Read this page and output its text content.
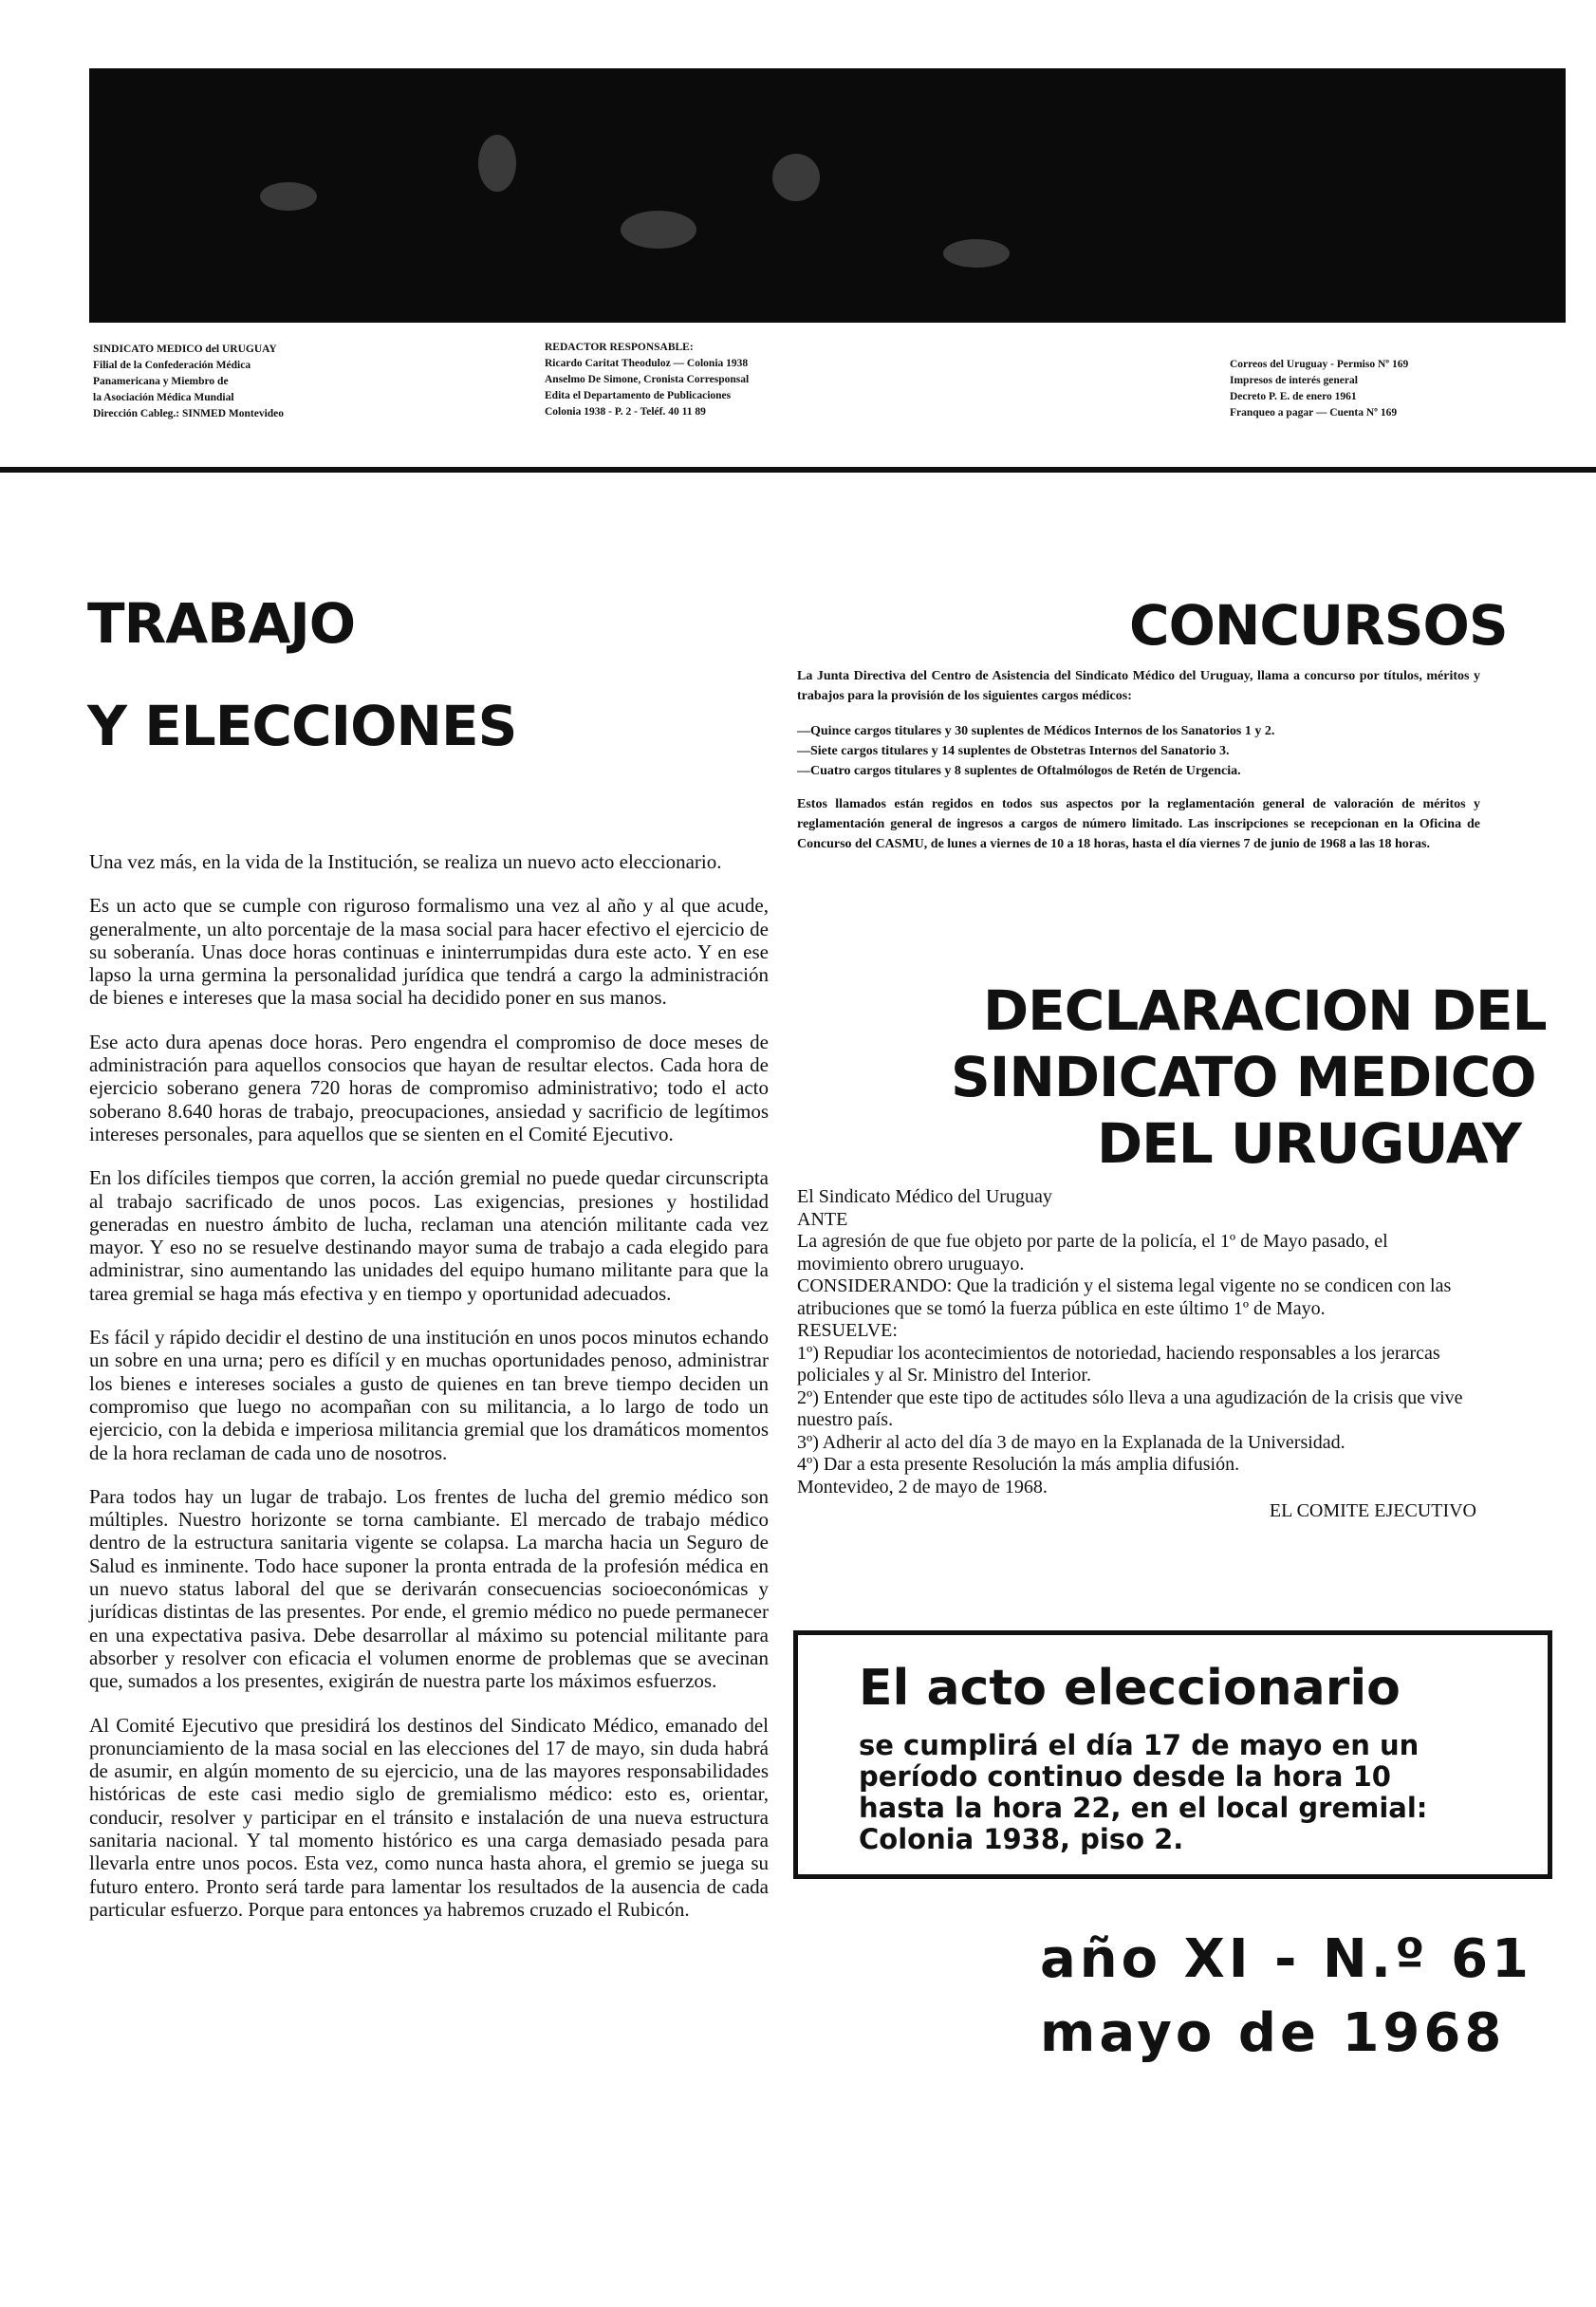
SINDICATO MEDICO del URUGUAY
Filial de la Confederación Médica
Panamericana y Miembro de
la Asociación Médica Mundial
Dirección Cableg.: SINMED Montevideo
REDACTOR RESPONSABLE:
Ricardo Caritat Theoduloz — Colonia 1938
Anselmo De Simone, Cronista Corresponsal
Edita el Departamento de Publicaciones
Colonia 1938 - P. 2 - Teléf. 40 11 89
Correos del Uruguay - Permiso Nº 169
Impresos de interés general
Decreto P. E. de enero 1961
Franqueo a pagar — Cuenta Nº 169
TRABAJO
Y ELECCIONES

Una vez más, en la vida de la Institución, se realiza un nuevo acto eleccionario.

Es un acto que se cumple con riguroso formalismo una vez al año y al que acude, generalmente, un alto porcentaje de la masa social para hacer efectivo el ejercicio de su soberanía. Unas doce horas continuas e ininterrumpidas dura este acto. Y en ese lapso la urna germina la personalidad jurídica que tendrá a cargo la administración de bienes e intereses que la masa social ha decidido poner en sus manos.

Ese acto dura apenas doce horas. Pero engendra el compromiso de doce meses de administración para aquellos consocios que hayan de resultar electos. Cada hora de ejercicio soberano genera 720 horas de compromiso administrativo; todo el acto soberano 8.640 horas de trabajo, preocupaciones, ansiedad y sacrificio de legítimos intereses personales, para aquellos que se sienten en el Comité Ejecutivo.

En los difíciles tiempos que corren, la acción gremial no puede quedar circunscripta al trabajo sacrificado de unos pocos. Las exigencias, presiones y hostilidad generadas en nuestro ámbito de lucha, reclaman una atención militante cada vez mayor. Y eso no se resuelve destinando mayor suma de trabajo a cada elegido para administrar, sino aumentando las unidades del equipo humano militante para que la tarea gremial se haga más efectiva y en tiempo y oportunidad adecuados.

Es fácil y rápido decidir el destino de una institución en unos pocos minutos echando un sobre en una urna; pero es difícil y en muchas oportunidades penoso, administrar los bienes e intereses sociales a gusto de quienes en tan breve tiempo deciden un compromiso que luego no acompañan con su militancia, a lo largo de todo un ejercicio, con la debida e imperiosa militancia gremial que los dramáticos momentos de la hora reclaman de cada uno de nosotros.

Para todos hay un lugar de trabajo. Los frentes de lucha del gremio médico son múltiples. Nuestro horizonte se torna cambiante. El mercado de trabajo médico dentro de la estructura sanitaria vigente se colapsa. La marcha hacia un Seguro de Salud es inminente. Todo hace suponer la pronta entrada de la profesión médica en un nuevo status laboral del que se derivarán consecuencias socioeconómicas y jurídicas distintas de las presentes. Por ende, el gremio médico no puede permanecer en una expectativa pasiva. Debe desarrollar al máximo su potencial militante para absorber y resolver con eficacia el volumen enorme de problemas que se avecinan que, sumados a los presentes, exigirán de nuestra parte los máximos esfuerzos.

Al Comité Ejecutivo que presidirá los destinos del Sindicato Médico, emanado del pronunciamiento de la masa social en las elecciones del 17 de mayo, sin duda habrá de asumir, en algún momento de su ejercicio, una de las mayores responsabilidades históricas de este casi medio siglo de gremialismo médico: esto es, orientar, conducir, resolver y participar en el tránsito e instalación de una nueva estructura sanitaria nacional. Y tal momento histórico es una carga demasiado pesada para llevarla entre unos pocos. Esta vez, como nunca hasta ahora, el gremio se juega su futuro entero. Pronto será tarde para lamentar los resultados de la ausencia de cada particular esfuerzo. Porque para entonces ya habremos cruzado el Rubicón.

CONCURSOS

La Junta Directiva del Centro de Asistencia del Sindicato Médico del Uruguay, llama a concurso por títulos, méritos y trabajos para la provisión de los siguientes cargos médicos:

—Quince cargos titulares y 30 suplentes de Médicos Internos de los Sanatorios 1 y 2.
—Siete cargos titulares y 14 suplentes de Obstetras Internos del Sanatorio 3.
—Cuatro cargos titulares y 8 suplentes de Oftalmólogos de Retén de Urgencia.

Estos llamados están regidos en todos sus aspectos por la reglamentación general de valoración de méritos y reglamentación general de ingresos a cargos de número limitado. Las inscripciones se recepcionan en la Oficina de Concurso del CASMU, de lunes a viernes de 10 a 18 horas, hasta el día viernes 7 de junio de 1968 a las 18 horas.

DECLARACION DEL
SINDICATO MEDICO
DEL URUGUAY

El Sindicato Médico del Uruguay

ANTE

La agresión de que fue objeto por parte de la policía, el 1º de Mayo pasado, el movimiento obrero uruguayo.

CONSIDERANDO: Que la tradición y el sistema legal vigente no se condicen con las atribuciones que se tomó la fuerza pública en este último 1º de Mayo.

RESUELVE:

1º) Repudiar los acontecimientos de notoriedad, haciendo responsables a los jerarcas policiales y al Sr. Ministro del Interior.

2º) Entender que este tipo de actitudes sólo lleva a una agudización de la crisis que vive nuestro país.

3º) Adherir al acto del día 3 de mayo en la Explanada de la Universidad.

4º) Dar a esta presente Resolución la más amplia difusión.

Montevideo, 2 de mayo de 1968.

EL COMITE EJECUTIVO

El acto eleccionario
se cumplirá el día 17 de mayo en un período continuo desde la hora 10 hasta la hora 22, en el local gremial: Colonia 1938, piso 2.
año XI - N.º 61
mayo de 1968
